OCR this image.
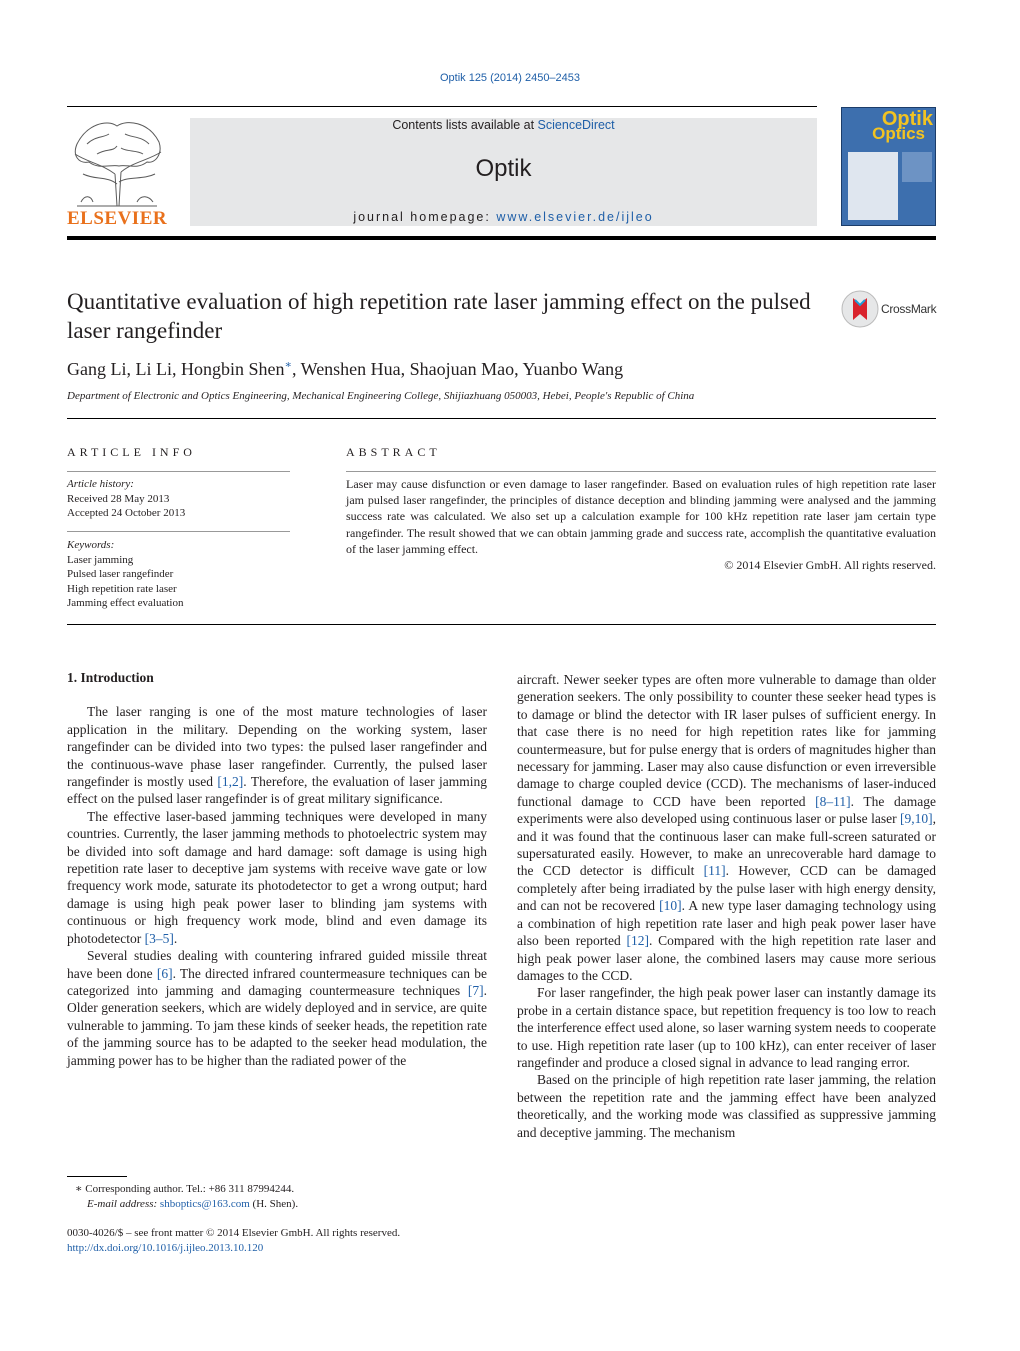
Optik 125 (2014) 2450–2453
ELSEVIER
Contents lists available at ScienceDirect
Optik
journal homepage: www.elsevier.de/ijleo
Optik
Optics
Quantitative evaluation of high repetition rate laser jamming effect on the pulsed laser rangefinder
CrossMark
Gang Li, Li Li, Hongbin Shen∗, Wenshen Hua, Shaojuan Mao, Yuanbo Wang
Department of Electronic and Optics Engineering, Mechanical Engineering College, Shijiazhuang 050003, Hebei, People's Republic of China
ARTICLE INFO
Article history:
Received 28 May 2013
Accepted 24 October 2013
Keywords:
Laser jamming
Pulsed laser rangefinder
High repetition rate laser
Jamming effect evaluation
ABSTRACT
Laser may cause disfunction or even damage to laser rangefinder. Based on evaluation rules of high repetition rate laser jam pulsed laser rangefinder, the principles of distance deception and blinding jamming were analysed and the jamming success rate was calculated. We also set up a calculation example for 100 kHz repetition rate laser jam certain type rangefinder. The result showed that we can obtain jamming grade and success rate, accomplish the quantitative evaluation of the laser jamming effect.
© 2014 Elsevier GmbH. All rights reserved.
1. Introduction

The laser ranging is one of the most mature technologies of laser application in the military. Depending on the working system, laser rangefinder can be divided into two types: the pulsed laser rangefinder and the continuous-wave phase laser rangefinder. Currently, the pulsed laser rangefinder is mostly used [1,2]. Therefore, the evaluation of laser jamming effect on the pulsed laser rangefinder is of great military significance.

The effective laser-based jamming techniques were developed in many countries. Currently, the laser jamming methods to photoelectric system may be divided into soft damage and hard damage: soft damage is using high repetition rate laser to deceptive jam systems with receive wave gate or low frequency work mode, saturate its photodetector to get a wrong output; hard damage is using high peak power laser to blinding jam systems with continuous or high frequency work mode, blind and even damage its photodetector [3–5].

Several studies dealing with countering infrared guided missile threat have been done [6]. The directed infrared countermeasure techniques can be categorized into jamming and damaging countermeasure techniques [7]. Older generation seekers, which are widely deployed and in service, are quite vulnerable to jamming. To jam these kinds of seeker heads, the repetition rate of the jamming source has to be adapted to the seeker head modulation, the jamming power has to be higher than the radiated power of the

aircraft. Newer seeker types are often more vulnerable to damage than older generation seekers. The only possibility to counter these seeker head types is to damage or blind the detector with IR laser pulses of sufficient energy. In that case there is no need for high repetition rates like for jamming countermeasure, but for pulse energy that is orders of magnitudes higher than necessary for jamming. Laser may also cause disfunction or even irreversible damage to charge coupled device (CCD). The mechanisms of laser-induced functional damage to CCD have been reported [8–11]. The damage experiments were also developed using continuous laser or pulse laser [9,10], and it was found that the continuous laser can make full-screen saturated or supersaturated easily. However, to make an unrecoverable hard damage to the CCD detector is difficult [11]. However, CCD can be damaged completely after being irradiated by the pulse laser with high energy density, and can not be recovered [10]. A new type laser damaging technology using a combination of high repetition rate laser and high peak power laser have also been reported [12]. Compared with the high repetition rate laser and high peak power laser alone, the combined lasers may cause more serious damages to the CCD.

For laser rangefinder, the high peak power laser can instantly damage its probe in a certain distance space, but repetition frequency is too low to reach the interference effect used alone, so laser warning system needs to cooperate to use. High repetition rate laser (up to 100 kHz), can enter receiver of laser rangefinder and produce a closed signal in advance to lead ranging error.

Based on the principle of high repetition rate laser jamming, the relation between the repetition rate and the jamming effect have been analyzed theoretically, and the working mode was classified as suppressive jamming and deceptive jamming. The mechanism

∗ Corresponding author. Tel.: +86 311 87994244.
E-mail address: shboptics@163.com (H. Shen).
0030-4026/$ – see front matter © 2014 Elsevier GmbH. All rights reserved.
http://dx.doi.org/10.1016/j.ijleo.2013.10.120
